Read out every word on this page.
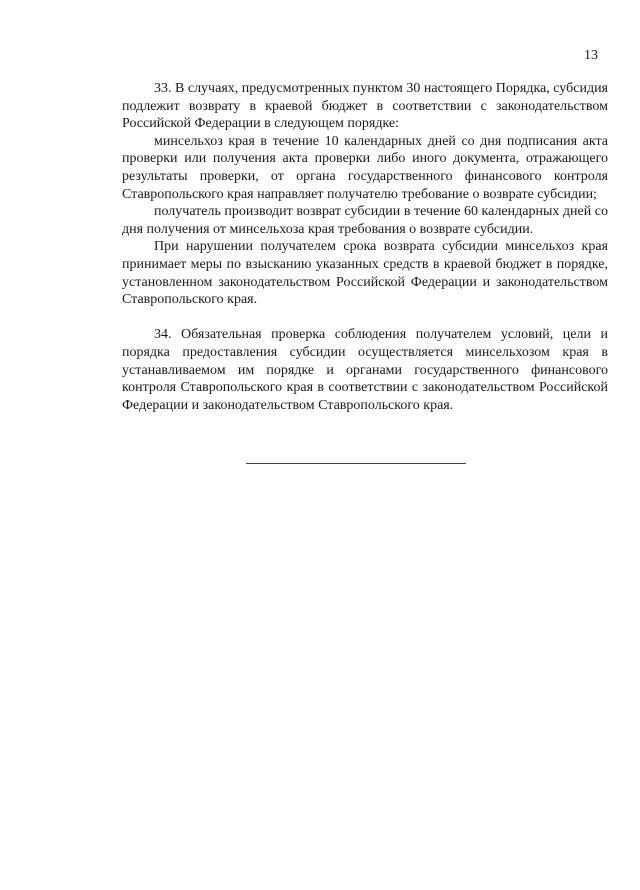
13

33. В случаях, предусмотренных пунктом 30 настоящего Порядка, субсидия подлежит возврату в краевой бюджет в соответствии с законодательством Российской Федерации в следующем порядке:

минсельхоз края в течение 10 календарных дней со дня подписания акта проверки или получения акта проверки либо иного документа, отражающего результаты проверки, от органа государственного финансового контроля Ставропольского края направляет получателю требование о возврате субсидии;

получатель производит возврат субсидии в течение 60 календарных дней со дня получения от минсельхоза края требования о возврате субсидии.

При нарушении получателем срока возврата субсидии минсельхоз края принимает меры по взысканию указанных средств в краевой бюджет в порядке, установленном законодательством Российской Федерации и законодательством Ставропольского края.

34. Обязательная проверка соблюдения получателем условий, цели и порядка предоставления субсидии осуществляется минсельхозом края в устанавливаемом им порядке и органами государственного финансового контроля Ставропольского края в соответствии с законодательством Российской Федерации и законодательством Ставропольского края.
